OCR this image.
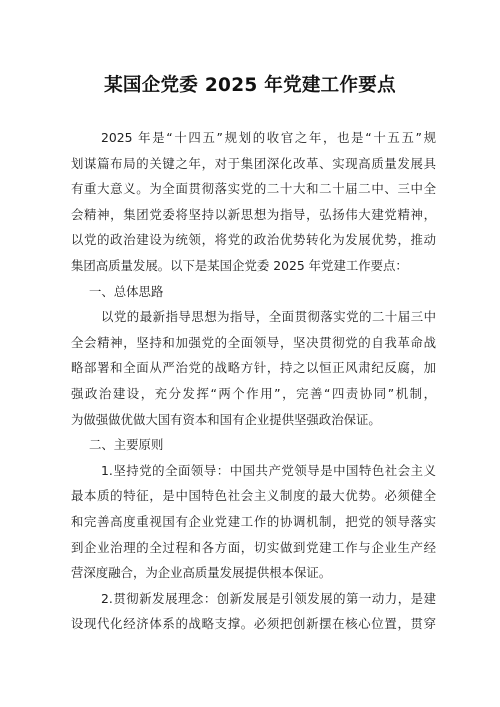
某国企党委 2025 年党建工作要点
2025 年是“十四五”规划的收官之年，也是“十五五”规
划谋篇布局的关键之年，对于集团深化改革、实现高质量发展具
有重大意义。为全面贯彻落实党的二十大和二十届二中、三中全
会精神，集团党委将坚持以新思想为指导，弘扬伟大建党精神，
以党的政治建设为统领，将党的政治优势转化为发展优势，推动
集团高质量发展。以下是某国企党委 2025 年党建工作要点：
一、总体思路
以党的最新指导思想为指导，全面贯彻落实党的二十届三中
全会精神，坚持和加强党的全面领导，坚决贯彻党的自我革命战
略部署和全面从严治党的战略方针，持之以恒正风肃纪反腐，加
强政治建设，充分发挥“两个作用”，完善“四责协同”机制，
为做强做优做大国有资本和国有企业提供坚强政治保证。
二、主要原则
1.坚持党的全面领导：中国共产党领导是中国特色社会主义
最本质的特征，是中国特色社会主义制度的最大优势。必须健全
和完善高度重视国有企业党建工作的协调机制，把党的领导落实
到企业治理的全过程和各方面，切实做到党建工作与企业生产经
营深度融合，为企业高质量发展提供根本保证。
2.贯彻新发展理念：创新发展是引领发展的第一动力，是建
设现代化经济体系的战略支撑。必须把创新摆在核心位置，贯穿
